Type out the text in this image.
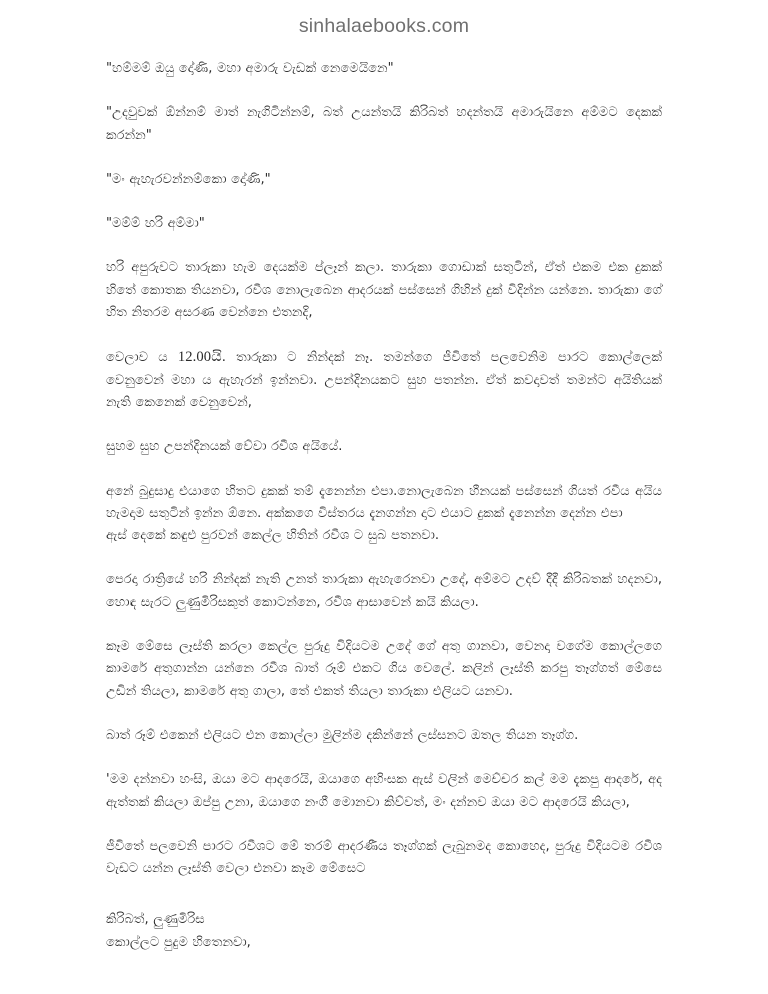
sinhalaebooks.com

"හම්මම් ඔයු දෝණි, මහා අමාරු වැඩක් නෙමෙයිනෙ"

"උදවුවක් ඕන්නම් මාත් නැගිටින්නම්, බත් උයන්තයි කිරිබත් හදන්තයි අමාරුයිනෙ අම්මට දෙකක් කරන්න"

"මං ඇහැරවන්නම්කො දෝණි,"

"මම්ම් හරි අම්මා"

හරි අපුරුවට තාරුකා හැම දෙයක්ම ප්ලෑන් කලා. තාරුකා ගොඩාක් සතුටින්, ඒත් එකම එක දුකක් හිතේ කොතක තියනවා, රවීශ නොලැබෙන ආදරයක් පස්සෙන් ගිහින් දුක් විදින්න යන්නෙ. තාරුකා ගේ හිත නිතරම අසරණ වෙන්නෙ එතනදි,

වෙලාව ය 12.00යි. තාරුකා ට නින්දක් නෑ. තමන්ගෙ ජීවිතේ පලවෙනිම පාරට කොල්ලෙක් වෙනුවෙන් මහා ය ඇහැරන් ඉන්නවා. උපන්දිනයකට සුහ පතන්න. ඒත් කවදාවත් තමන්ට අයිතියක් නැති කෙනෙක් වෙනුවෙන්,

සුහම සුහ උපන්දිනයක් වේවා රවීශ අයියේ.

අනේ බුදුසාදු එයාගෙ හිතට දුකක් තම් දැනෙන්න එපා.නොලැබෙන හීනයක් පස්සෙන් ගියත් රවීය අයිය හැමදාම සතුටින් ඉන්න ඕනෙ. අක්කගෙ විස්තරය දැනගන්න දාට එයාට දුකක් දැනෙන්න දෙන්න එපා

ඇස් දෙකේ කඳුළු පුරවන් කෙල්ල හිතින් රවීශ ට සුබ පතනවා.

පෙරදා රාත්‍රියේ හරි නින්දක් නැති උනත් තාරුකා ඇහැරෙනවා උදේ, අම්මට උදව් දීදී කිරිබතක් හදනවා, හොඳ සැරට ලුණුමිරිසකුත් කොටන්නෙ, රවීශ ආසාවෙන් කයි කියලා.

කෑම මේසෙ ලෑස්ති කරලා කෙල්ල පුරුදු විදියටම උදේ ගේ අතු ගානවා, වෙනදා වගේම කොල්ලගෙ කාමරේ අතුගාන්න යන්නෙ රවීශ බාත් රූම් එකට ගිය වෙලේ. කලින් ලෑස්ති කරපු තෑග්ගත් මේසෙ උඩින් තියලා, කාමරේ අතු ගාලා, තේ එකත් තියලා තාරුකා එලියට යනවා.

බාත් රූම් එකෙන් එලියට එන කොල්ලා මුලින්ම දකින්නේ ලස්සනට ඔතල තියන තෑග්ග.

'මම දන්නවා හංසි, ඔයා මට ආදරෙයි, ඔයාගෙ අහිංසක ඇස් වලින් මෙච්චර කල් මම දැකපු ආදරේ, අද ඇත්තක් කියලා ඔප්පු උනා, ඔයාගෙ නංගී මොනවා කිව්වත්, මං දන්නව ඔයා මට ආදරෙයි කියලා,

ජීවිතේ පලවෙනි පාරට රවීශට මේ තරම් ආදරණීය තෑග්ගක් ලැබුනමද කොහෙද, පුරුදු විදියටම රවීශ වැඩට යන්න ලෑස්ති වෙලා එනවා කෑම මේසෙට

කිරිබත්, ලුණුමිරිස

කොල්ලට පුදුම හිතෙනවා,
